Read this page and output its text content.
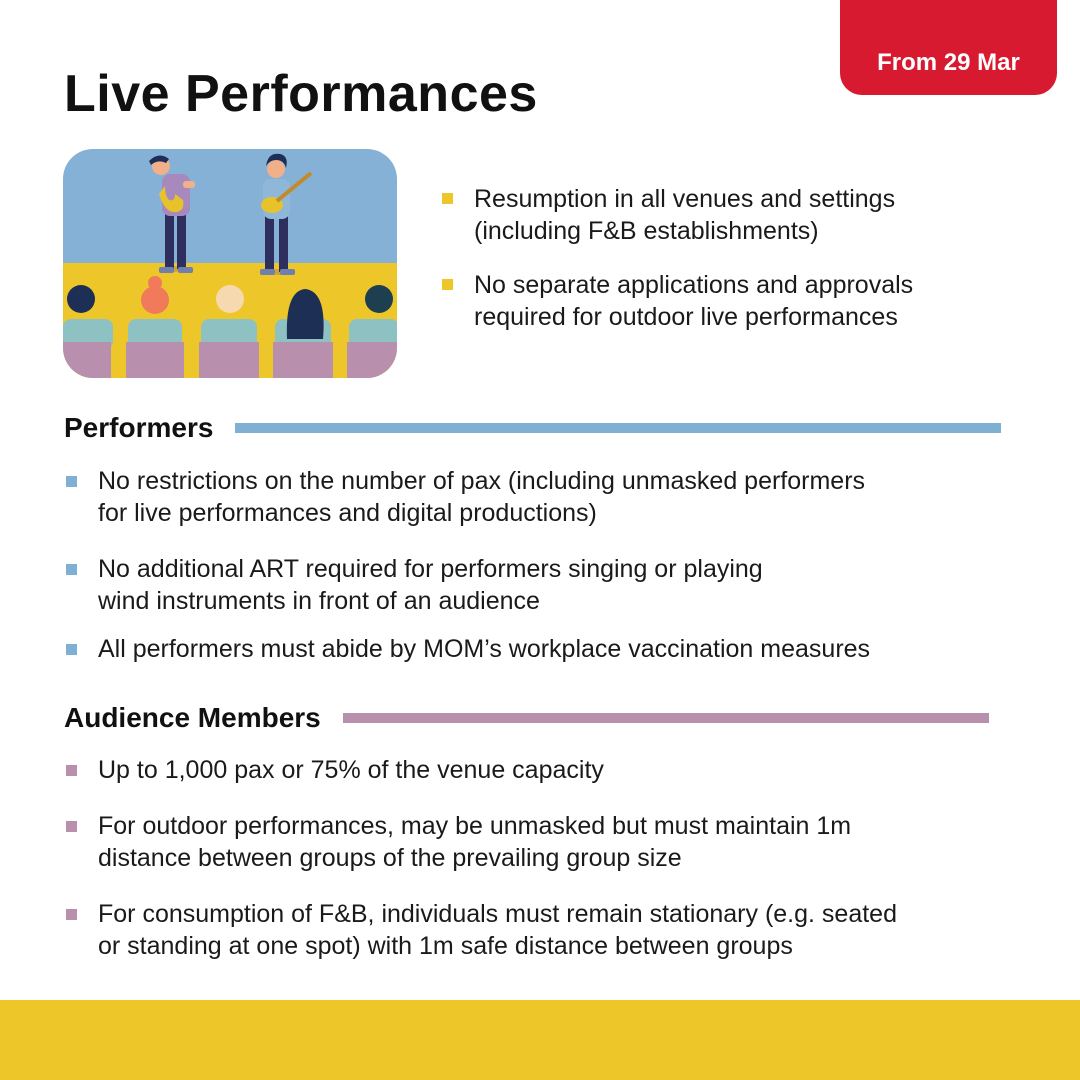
From 29 Mar
Live Performances
Resumption in all venues and settings
(including F&B establishments)
No separate applications and approvals
required for outdoor live performances
Performers
No restrictions on the number of pax (including unmasked performers
for live performances and digital productions)
No additional ART required for performers singing or playing
wind instruments in front of an audience
All performers must abide by MOM’s workplace vaccination measures
Audience Members
Up to 1,000 pax or 75% of the venue capacity
For outdoor performances, may be unmasked but must maintain 1m
distance between groups of the prevailing group size
For consumption of F&B, individuals must remain stationary (e.g. seated
or standing at one spot) with 1m safe distance between groups
